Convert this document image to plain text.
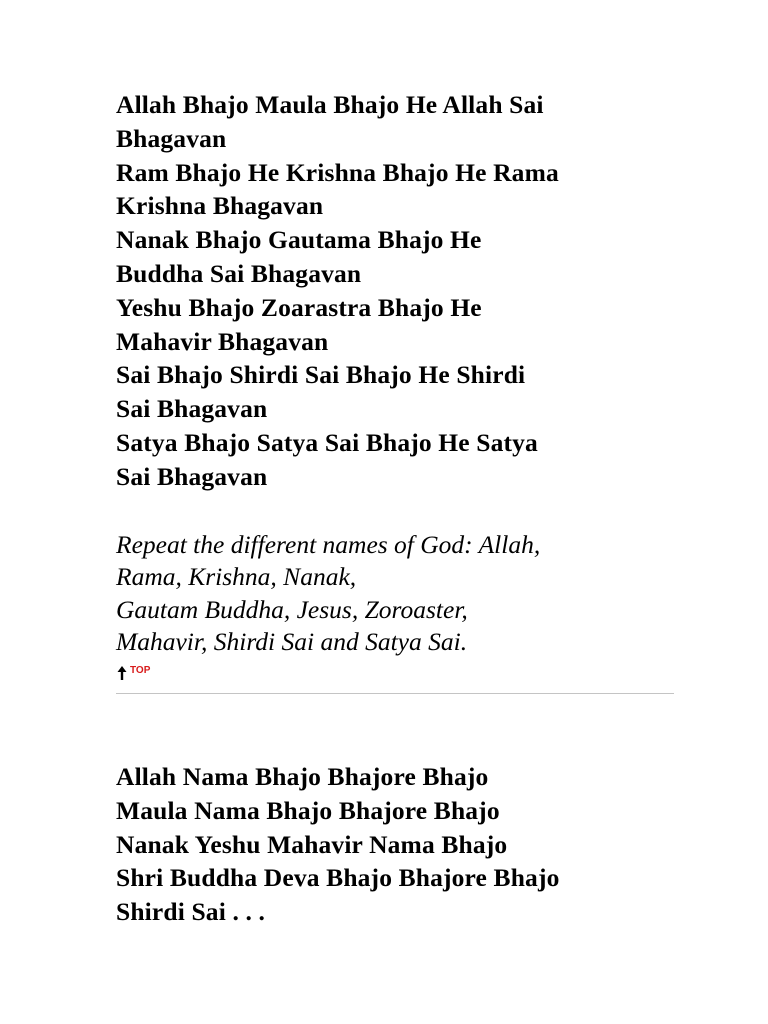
Allah Bhajo Maula Bhajo He Allah Sai
Bhagavan
Ram Bhajo He Krishna Bhajo He Rama
Krishna Bhagavan
Nanak Bhajo Gautama Bhajo He
Buddha Sai Bhagavan
Yeshu Bhajo Zoarastra Bhajo He
Mahavir Bhagavan
Sai Bhajo Shirdi Sai Bhajo He Shirdi
Sai Bhagavan
Satya Bhajo Satya Sai Bhajo He Satya
Sai Bhagavan
Repeat the different names of God: Allah,
Rama, Krishna, Nanak,
Gautam Buddha, Jesus, Zoroaster,
Mahavir, Shirdi Sai and Satya Sai.
TOP
Allah Nama Bhajo Bhajore Bhajo
Maula Nama Bhajo Bhajore Bhajo
Nanak Yeshu Mahavir Nama Bhajo
Shri Buddha Deva Bhajo Bhajore Bhajo
Shirdi Sai . . .
